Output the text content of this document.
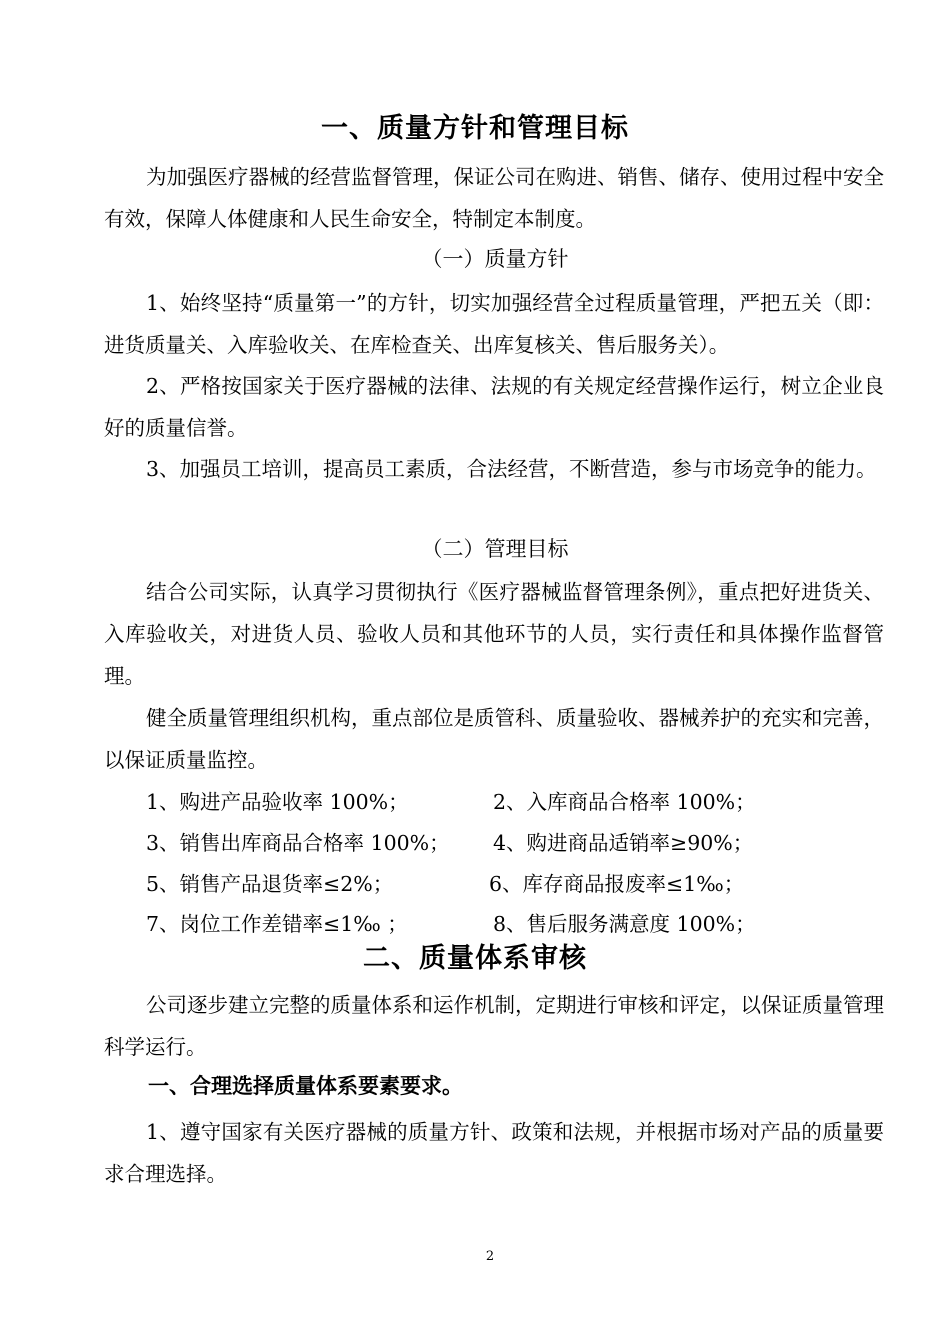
一、质量方针和管理目标

为加强医疗器械的经营监督管理，保证公司在购进、销售、储存、使用过程中安全有效，保障人体健康和人民生命安全，特制定本制度。

（一）质量方针

1、始终坚持“质量第一”的方针，切实加强经营全过程质量管理，严把五关（即：进货质量关、入库验收关、在库检查关、出库复核关、售后服务关）。

2、严格按国家关于医疗器械的法律、法规的有关规定经营操作运行，树立企业良好的质量信誉。

3、加强员工培训，提高员工素质，合法经营，不断营造，参与市场竞争的能力。

（二）管理目标

结合公司实际，认真学习贯彻执行《医疗器械监督管理条例》，重点把好进货关、入库验收关，对进货人员、验收人员和其他环节的人员，实行责任和具体操作监督管理。

健全质量管理组织机构，重点部位是质管科、质量验收、器械养护的充实和完善，以保证质量监控。

1、购进产品验收率 100%；	2、入库商品合格率 100%；
3、销售出库商品合格率 100%； 4、购进商品适销率≥90%；
5、销售产品退货率≤2%；	6、库存商品报废率≤1‰；
7、岗位工作差错率≤1‰ ；	8、售后服务满意度 100%；
二、质量体系审核

公司逐步建立完整的质量体系和运作机制，定期进行审核和评定，以保证质量管理科学运行。

一、合理选择质量体系要素要求。

1、遵守国家有关医疗器械的质量方针、政策和法规，并根据市场对产品的质量要求合理选择。

2
